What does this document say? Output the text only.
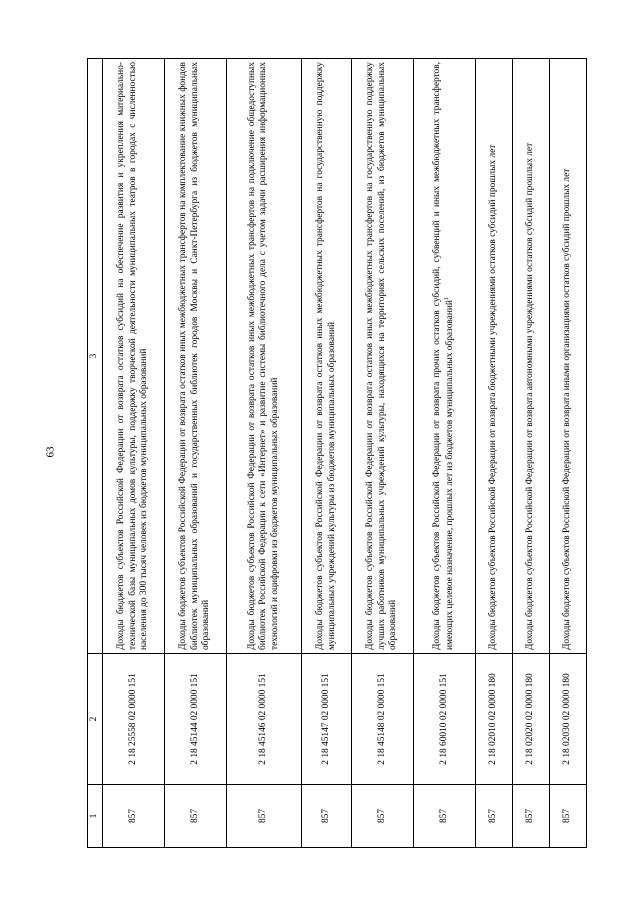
63
1	2	3
857	2 18 25558 02 0000 151	Доходы бюджетов субъектов Российской Федерации от возврата остатков субсидий на обеспечение развития и укрепления материально-технической базы муниципальных домов культуры, поддержку творческой деятельности муниципальных театров в городах с численностью населения до 300 тысяч человек из бюджетов муниципальных образований
857	2 18 45144 02 0000 151	Доходы бюджетов субъектов Российской Федерации от возврата остатков иных межбюджетных трансфертов на комплектование книжных фондов библиотек муниципальных образований и государственных библиотек городов Москвы и Санкт-Петербурга из бюджетов муниципальных образований
857	2 18 45146 02 0000 151	Доходы бюджетов субъектов Российской Федерации от возврата остатков иных межбюджетных трансфертов на подключение общедоступных библиотек Российской Федерации к сети «Интернет» и развитие системы библиотечного дела с учетом задачи расширения информационных технологий и оцифровки из бюджетов муниципальных образований
857	2 18 45147 02 0000 151	Доходы бюджетов субъектов Российской Федерации от возврата остатков иных межбюджетных трансфертов на государственную поддержку муниципальных учреждений культуры из бюджетов муниципальных образований
857	2 18 45148 02 0000 151	Доходы бюджетов субъектов Российской Федерации от возврата остатков иных межбюджетных трансфертов на государственную поддержку лучших работников муниципальных учреждений культуры, находящихся на территориях сельских поселений, из бюджетов муниципальных образований
857	2 18 60010 02 0000 151	Доходы бюджетов субъектов Российской Федерации от возврата прочих остатков субсидий, субвенций и иных межбюджетных трансфертов, имеющих целевое назначение, прошлых лет из бюджетов муниципальных образований$^1$
857	2 18 02010 02 0000 180	Доходы бюджетов субъектов Российской Федерации от возврата бюджетными учреждениями остатков субсидий прошлых лет
857	2 18 02020 02 0000 180	Доходы бюджетов субъектов Российской Федерации от возврата автономными учреждениями остатков субсидий прошлых лет
857	2 18 02030 02 0000 180	Доходы бюджетов субъектов Российской Федерации от возврата иными организациями остатков субсидий прошлых лет
